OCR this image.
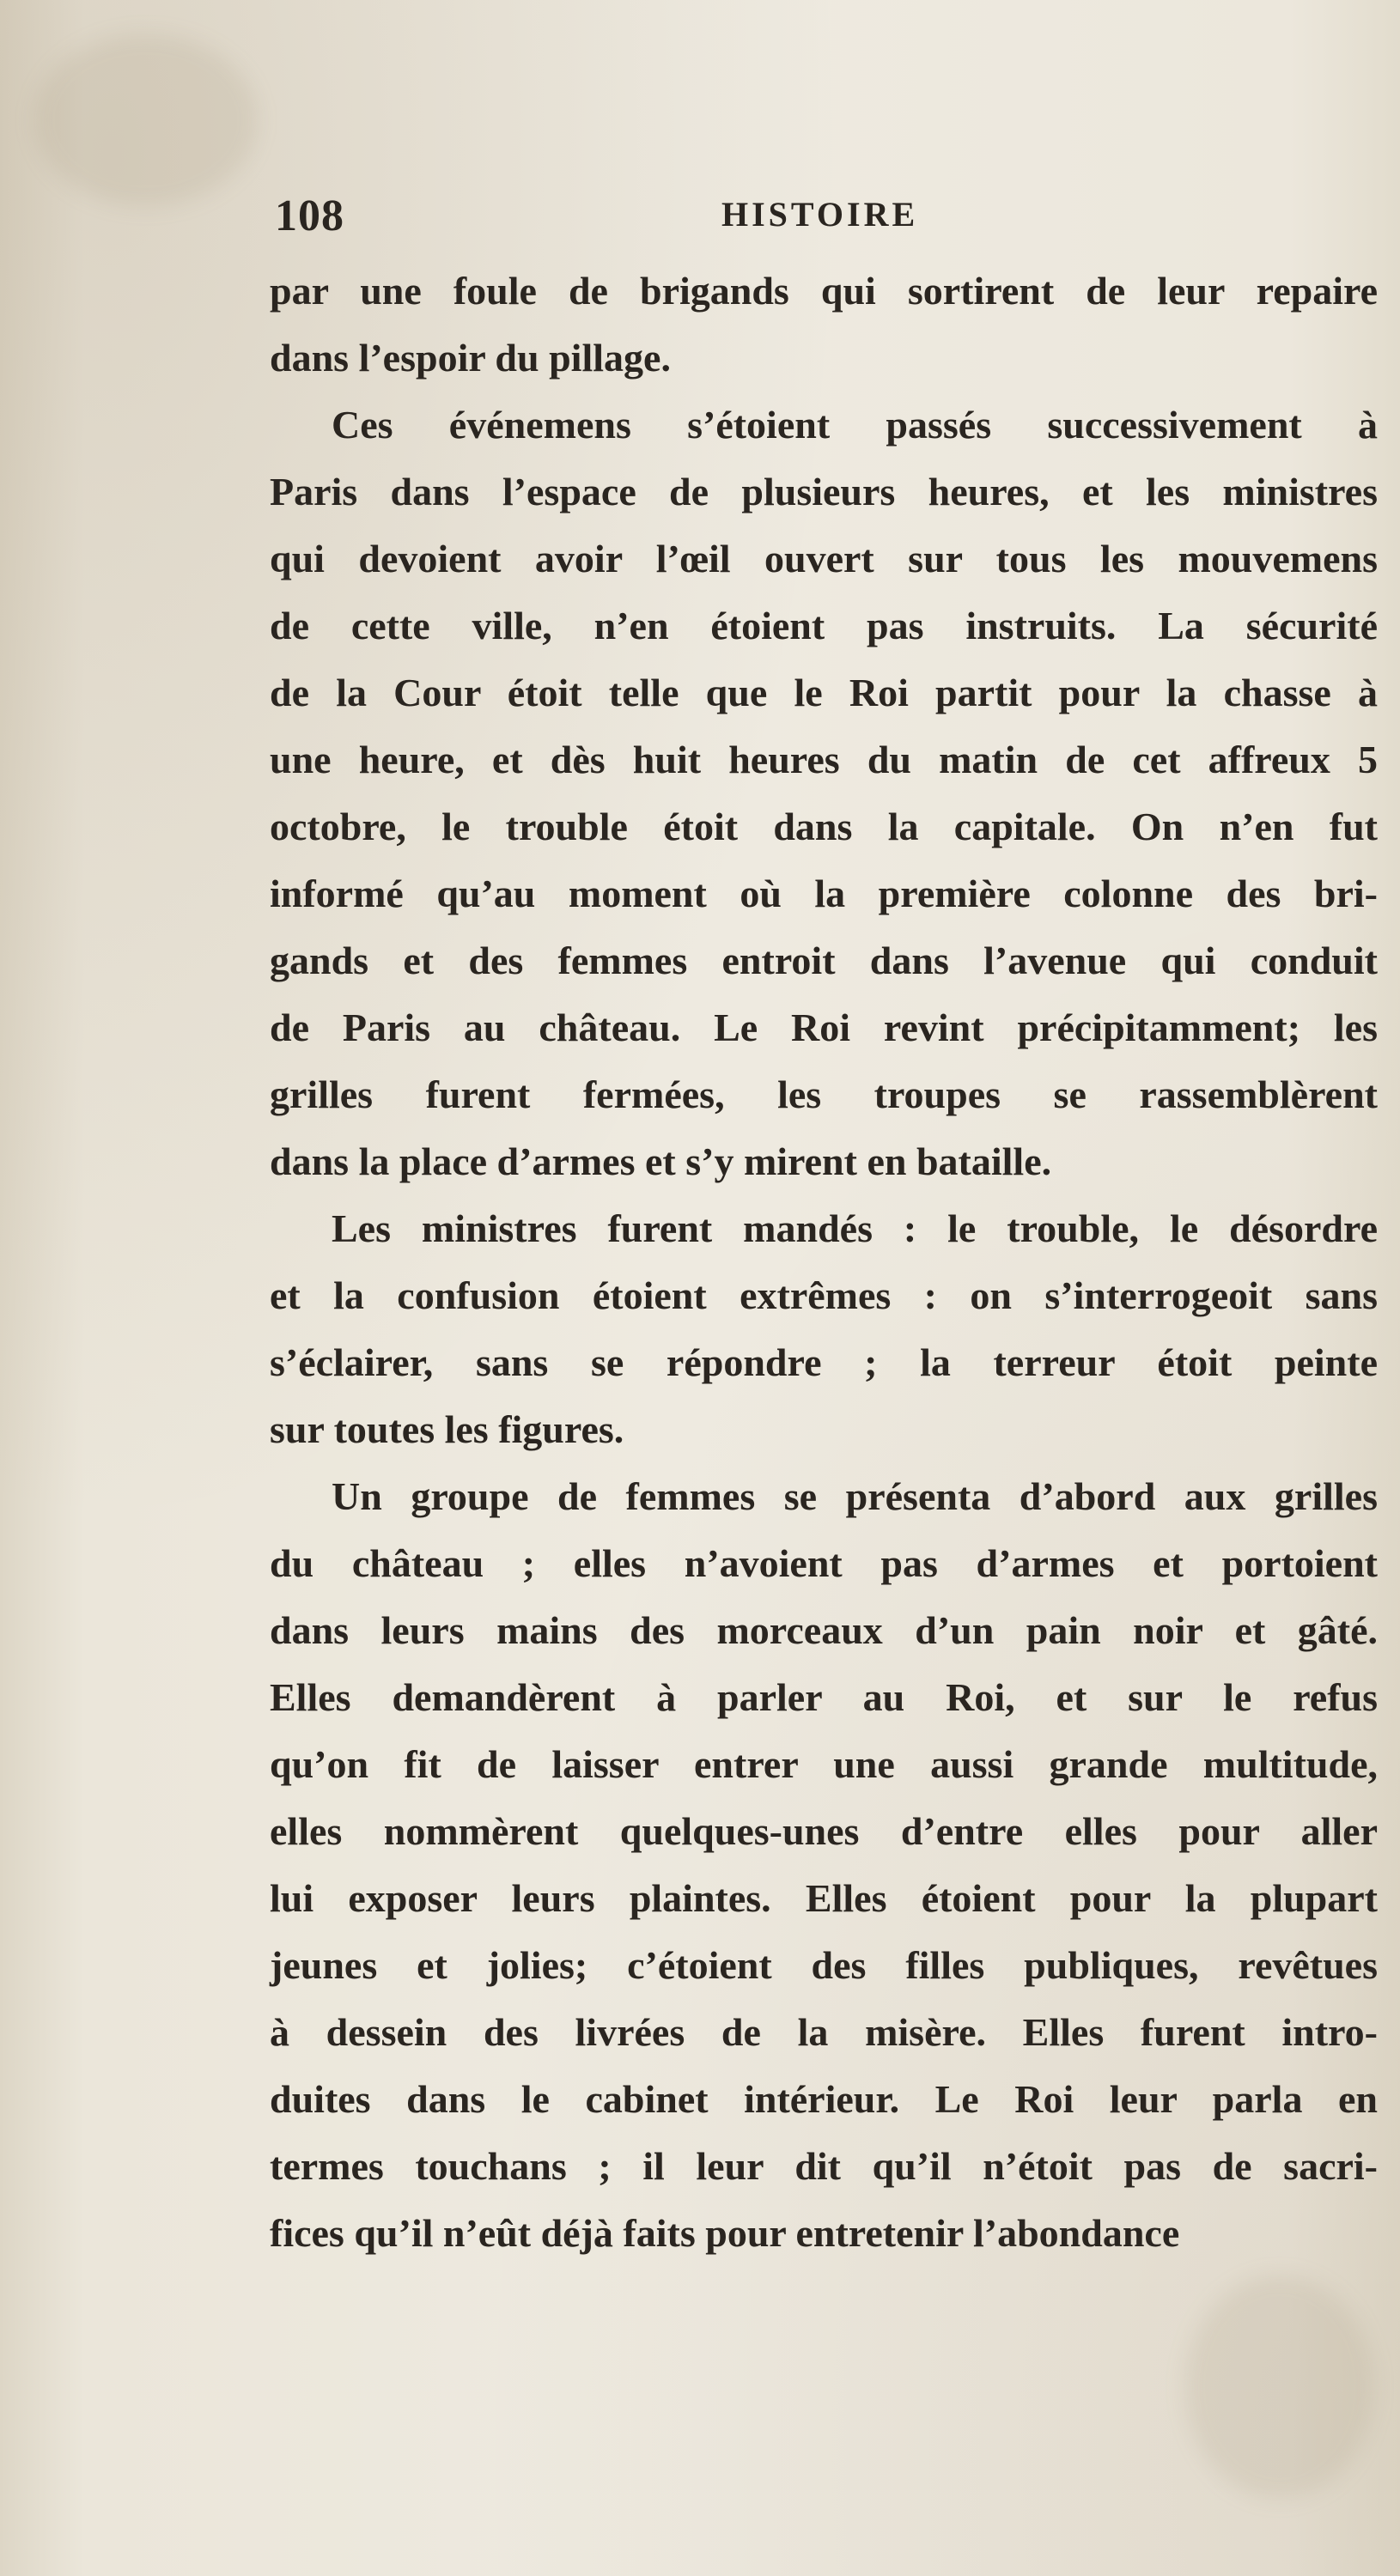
108	HISTOIRE
par une foule de brigands qui sortirent de leur repaire
dans l’espoir du pillage.
Ces événemens s’étoient passés successivement à
Paris dans l’espace de plusieurs heures, et les ministres
qui devoient avoir l’œil ouvert sur tous les mouvemens
de cette ville, n’en étoient pas instruits. La sécurité
de la Cour étoit telle que le Roi partit pour la chasse à
une heure, et dès huit heures du matin de cet affreux 5
octobre, le trouble étoit dans la capitale. On n’en fut
informé qu’au moment où la première colonne des bri-
gands et des femmes entroit dans l’avenue qui conduit
de Paris au château. Le Roi revint précipitamment; les
grilles furent fermées, les troupes se rassemblèrent
dans la place d’armes et s’y mirent en bataille.
Les ministres furent mandés : le trouble, le désordre
et la confusion étoient extrêmes : on s’interrogeoit sans
s’éclairer, sans se répondre ; la terreur étoit peinte
sur toutes les figures.
Un groupe de femmes se présenta d’abord aux grilles
du château ; elles n’avoient pas d’armes et portoient
dans leurs mains des morceaux d’un pain noir et gâté.
Elles demandèrent à parler au Roi, et sur le refus
qu’on fit de laisser entrer une aussi grande multitude,
elles nommèrent quelques-unes d’entre elles pour aller
lui exposer leurs plaintes. Elles étoient pour la plupart
jeunes et jolies; c’étoient des filles publiques, revêtues
à dessein des livrées de la misère. Elles furent intro-
duites dans le cabinet intérieur. Le Roi leur parla en
termes touchans ; il leur dit qu’il n’étoit pas de sacri-
fices qu’il n’eût déjà faits pour entretenir l’abondance
